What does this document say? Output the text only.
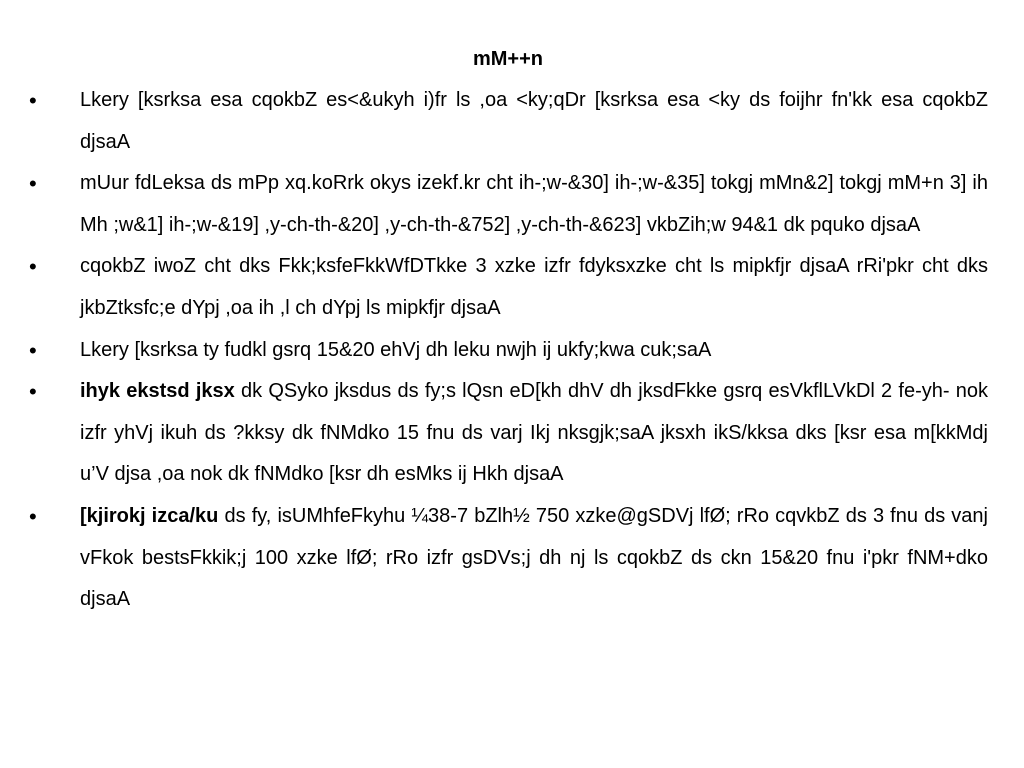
mM++n
• Lkery [ksrksa esa cqokbZ es<&ukyh i)fr ls ,oa <ky;qDr [ksrksa esa <ky ds foijhr fn'kk esa cqokbZ djsaA
• mUur fdLeksa ds mPp xq.koRrk okys izekf.kr cht ih-;w-&30] ih-;w-&35] tokgj mMn&2] tokgj mM+n 3] ih Mh ;w&1] ih-;w-&19] ,y-ch-th-&20] ,y-ch-th-&752] ,y-ch-th-&623] vkbZih;w 94&1 dk pquko djsaA
• cqokbZ iwoZ cht dks Fkk;ksfeFkkWfDTkke 3 xzke izfr fdyksxzke cht ls mipkfjr djsaA rRi'pkr cht dks jkbZtksfc;e dYpj ,oa ih ,l ch dYpj ls mipkfjr djsaA
• Lkery [ksrksa ty fudkl gsrq 15&20 ehVj dh leku nwjh ij ukfy;kwa cuk;saA
• ihyk ekstsd jksx dk QSyko jksdus ds fy;s lQsn eD[kh dhV dh jksdFkke gsrq esVkflLVkDl 2 fe-yh- nok izfr yhVj ikuh ds ?kksy dk fNMdko 15 fnu ds varj Ikj nksgjk;saA jksxh ikS/kksa dks [ksr esa m[kkMdj u’V djsa ,oa nok dk fNMdko [ksr dh esMks ij Hkh djsaA
• [kjirokj izca/ku ds fy, isUMhfeFkyhu ¼38-7 bZlh½ 750 xzke@gSDVj lfØ; rRo cqvkbZ ds 3 fnu ds vanj vFkok bestsFkkik;j 100 xzke lfØ; rRo izfr gsDVs;j dh nj ls cqokbZ ds ckn 15&20 fnu i'pkr fNM+dko djsaA
